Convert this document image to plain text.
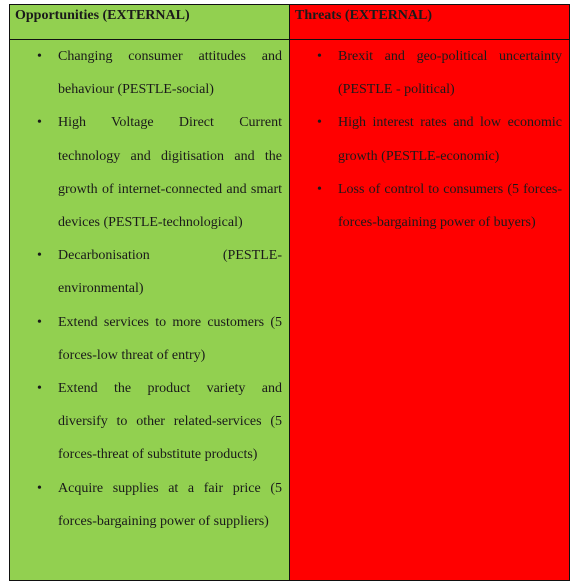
Opportunities (EXTERNAL)
• Changing consumer attitudes and behaviour (PESTLE-social)
• High Voltage Direct Current technology and digitisation and the growth of internet-connected and smart devices (PESTLE-technological)
• Decarbonisation (PESTLE-environmental)
• Extend services to more customers (5 forces-low threat of entry)
• Extend the product variety and diversify to other related-services (5 forces-threat of substitute products)
• Acquire supplies at a fair price (5 forces-bargaining power of suppliers)
Threats (EXTERNAL)
• Brexit and geo-political uncertainty (PESTLE - political)
• High interest rates and low economic growth (PESTLE-economic)
• Loss of control to consumers (5 forces- forces-bargaining power of buyers)
